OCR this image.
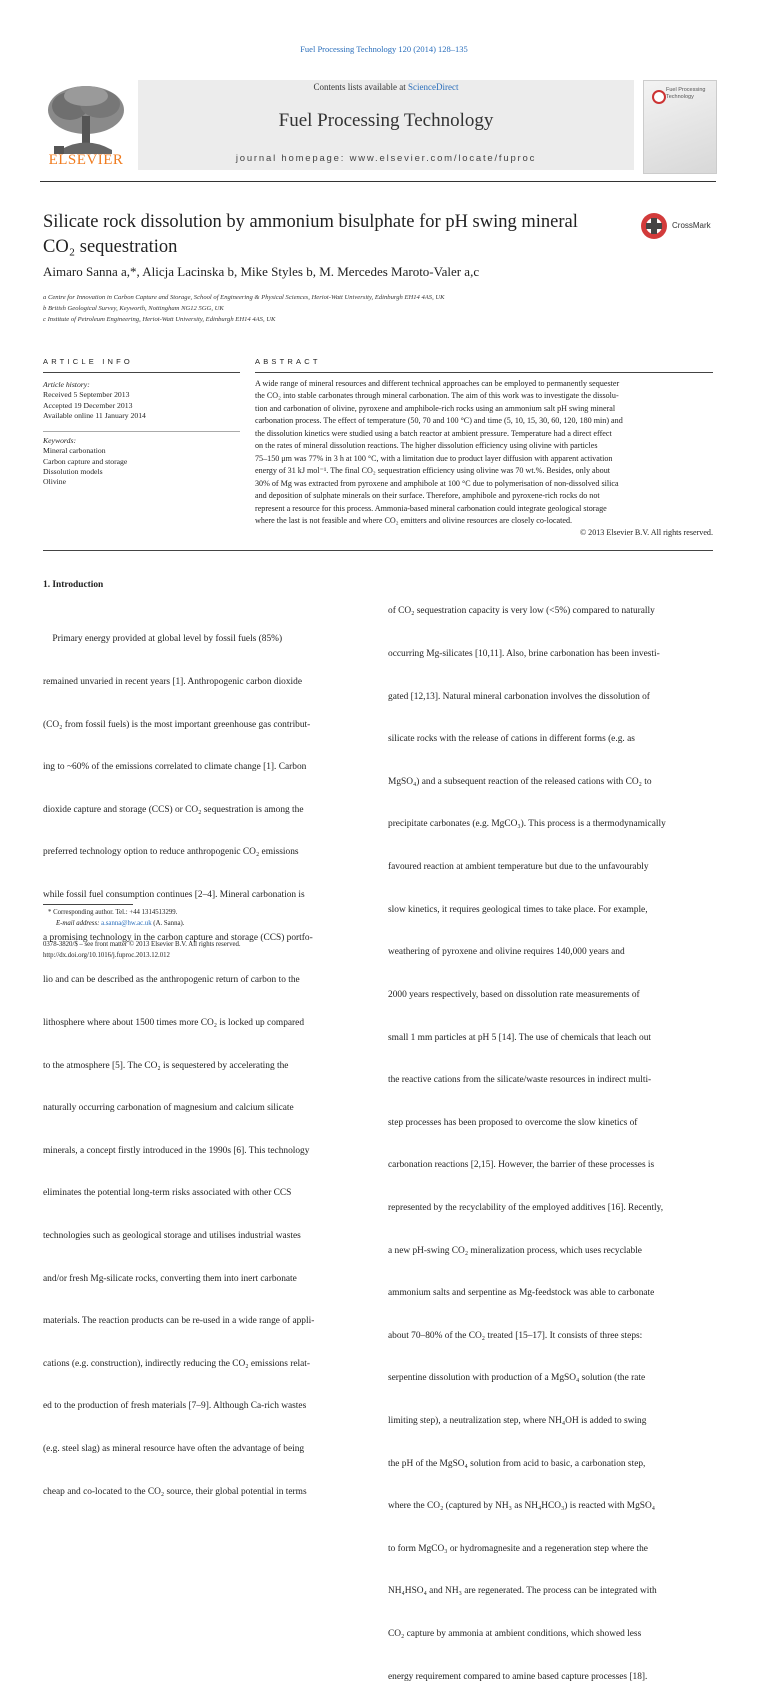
Fuel Processing Technology 120 (2014) 128–135
ELSEVIER
Contents lists available at ScienceDirect
Fuel Processing Technology
journal homepage: www.elsevier.com/locate/fuproc
Fuel Processing Technology
Silicate rock dissolution by ammonium bisulphate for pH swing mineral
CO₂ sequestration
CrossMark
Aimaro Sanna a,*, Alicja Lacinska b, Mike Styles b, M. Mercedes Maroto-Valer a,c
a Centre for Innovation in Carbon Capture and Storage, School of Engineering & Physical Sciences, Heriot-Watt University, Edinburgh EH14 4AS, UK
b British Geological Survey, Keyworth, Nottingham NG12 5GG, UK
c Institute of Petroleum Engineering, Heriot-Watt University, Edinburgh EH14 4AS, UK
ARTICLE INFO
Article history:
Received 5 September 2013
Accepted 19 December 2013
Available online 11 January 2014
Keywords:
Mineral carbonation
Carbon capture and storage
Dissolution models
Olivine
ABSTRACT
A wide range of mineral resources and different technical approaches can be employed to permanently sequester
the CO₂ into stable carbonates through mineral carbonation. The aim of this work was to investigate the dissolu-
tion and carbonation of olivine, pyroxene and amphibole-rich rocks using an ammonium salt pH swing mineral
carbonation process. The effect of temperature (50, 70 and 100 °C) and time (5, 10, 15, 30, 60, 120, 180 min) and
the dissolution kinetics were studied using a batch reactor at ambient pressure. Temperature had a direct effect
on the rates of mineral dissolution reactions. The higher dissolution efficiency using olivine with particles
75–150 μm was 77% in 3 h at 100 °C, with a limitation due to product layer diffusion with apparent activation
energy of 31 kJ mol⁻¹. The final CO₂ sequestration efficiency using olivine was 70 wt.%. Besides, only about
30% of Mg was extracted from pyroxene and amphibole at 100 °C due to polymerisation of non-dissolved silica
and deposition of sulphate minerals on their surface. Therefore, amphibole and pyroxene-rich rocks do not
represent a resource for this process. Ammonia-based mineral carbonation could integrate geological storage
where the last is not feasible and where CO₂ emitters and olivine resources are closely co-located.
© 2013 Elsevier B.V. All rights reserved.
1. Introduction

Primary energy provided at global level by fossil fuels (85%)

remained unvaried in recent years [1]. Anthropogenic carbon dioxide

(CO₂ from fossil fuels) is the most important greenhouse gas contribut-

ing to ~60% of the emissions correlated to climate change [1]. Carbon

dioxide capture and storage (CCS) or CO₂ sequestration is among the

preferred technology option to reduce anthropogenic CO₂ emissions

while fossil fuel consumption continues [2–4]. Mineral carbonation is

a promising technology in the carbon capture and storage (CCS) portfo-

lio and can be described as the anthropogenic return of carbon to the

lithosphere where about 1500 times more CO₂ is locked up compared

to the atmosphere [5]. The CO₂ is sequestered by accelerating the

naturally occurring carbonation of magnesium and calcium silicate

minerals, a concept firstly introduced in the 1990s [6]. This technology

eliminates the potential long-term risks associated with other CCS

technologies such as geological storage and utilises industrial wastes

and/or fresh Mg-silicate rocks, converting them into inert carbonate

materials. The reaction products can be re-used in a wide range of appli-

cations (e.g. construction), indirectly reducing the CO₂ emissions relat-

ed to the production of fresh materials [7–9]. Although Ca-rich wastes

(e.g. steel slag) as mineral resource have often the advantage of being

cheap and co-located to the CO₂ source, their global potential in terms

of CO₂ sequestration capacity is very low (<5%) compared to naturally

occurring Mg-silicates [10,11]. Also, brine carbonation has been investi-

gated [12,13]. Natural mineral carbonation involves the dissolution of

silicate rocks with the release of cations in different forms (e.g. as

MgSO₄) and a subsequent reaction of the released cations with CO₂ to

precipitate carbonates (e.g. MgCO₃). This process is a thermodynamically

favoured reaction at ambient temperature but due to the unfavourably

slow kinetics, it requires geological times to take place. For example,

weathering of pyroxene and olivine requires 140,000 years and

2000 years respectively, based on dissolution rate measurements of

small 1 mm particles at pH 5 [14]. The use of chemicals that leach out

the reactive cations from the silicate/waste resources in indirect multi-

step processes has been proposed to overcome the slow kinetics of

carbonation reactions [2,15]. However, the barrier of these processes is

represented by the recyclability of the employed additives [16]. Recently,

a new pH-swing CO₂ mineralization process, which uses recyclable

ammonium salts and serpentine as Mg-feedstock was able to carbonate

about 70–80% of the CO₂ treated [15–17]. It consists of three steps:

serpentine dissolution with production of a MgSO₄ solution (the rate

limiting step), a neutralization step, where NH₄OH is added to swing

the pH of the MgSO₄ solution from acid to basic, a carbonation step,

where the CO₂ (captured by NH₃ as NH₄HCO₃) is reacted with MgSO₄

to form MgCO₃ or hydromagnesite and a regeneration step where the

NH₄HSO₄ and NH₃ are regenerated. The process can be integrated with

CO₂ capture by ammonia at ambient conditions, which showed less

energy requirement compared to amine based capture processes [18].

* Corresponding author. Tel.: +44 1314513299.
E-mail address: a.sanna@hw.ac.uk (A. Sanna).
0378-3820/$ – see front matter © 2013 Elsevier B.V. All rights reserved.
http://dx.doi.org/10.1016/j.fuproc.2013.12.012
